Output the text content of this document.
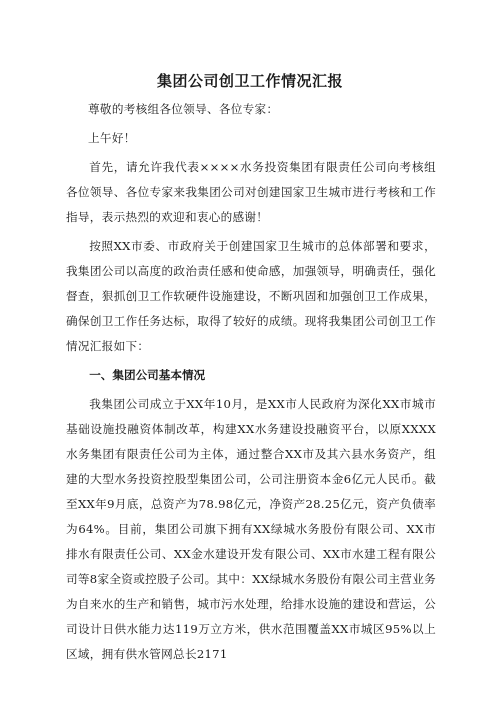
集团公司创卫工作情况汇报

尊敬的考核组各位领导、各位专家：

上午好！

首先，请允许我代表××××水务投资集团有限责任公司向考核组各位领导、各位专家来我集团公司对创建国家卫生城市进行考核和工作指导，表示热烈的欢迎和衷心的感谢！

按照XX市委、市政府关于创建国家卫生城市的总体部署和要求，我集团公司以高度的政治责任感和使命感，加强领导，明确责任，强化督查，狠抓创卫工作软硬件设施建设，不断巩固和加强创卫工作成果，确保创卫工作任务达标，取得了较好的成绩。现将我集团公司创卫工作情况汇报如下：

一、集团公司基本情况

我集团公司成立于XX年10月，是XX市人民政府为深化XX市城市基础设施投融资体制改革，构建XX水务建设投融资平台，以原XXXX水务集团有限责任公司为主体，通过整合XX市及其六县水务资产，组建的大型水务投资控股型集团公司，公司注册资本金6亿元人民币。截至XX年9月底，总资产为78.98亿元，净资产28.25亿元，资产负债率为64%。目前，集团公司旗下拥有XX绿城水务股份有限公司、XX市排水有限责任公司、XX金水建设开发有限公司、XX市水建工程有限公司等8家全资或控股子公司。其中：XX绿城水务股份有限公司主营业务为自来水的生产和销售，城市污水处理，给排水设施的建设和营运，公司设计日供水能力达119万立方米，供水范围覆盖XX市城区95%以上区域，拥有供水管网总长2171
